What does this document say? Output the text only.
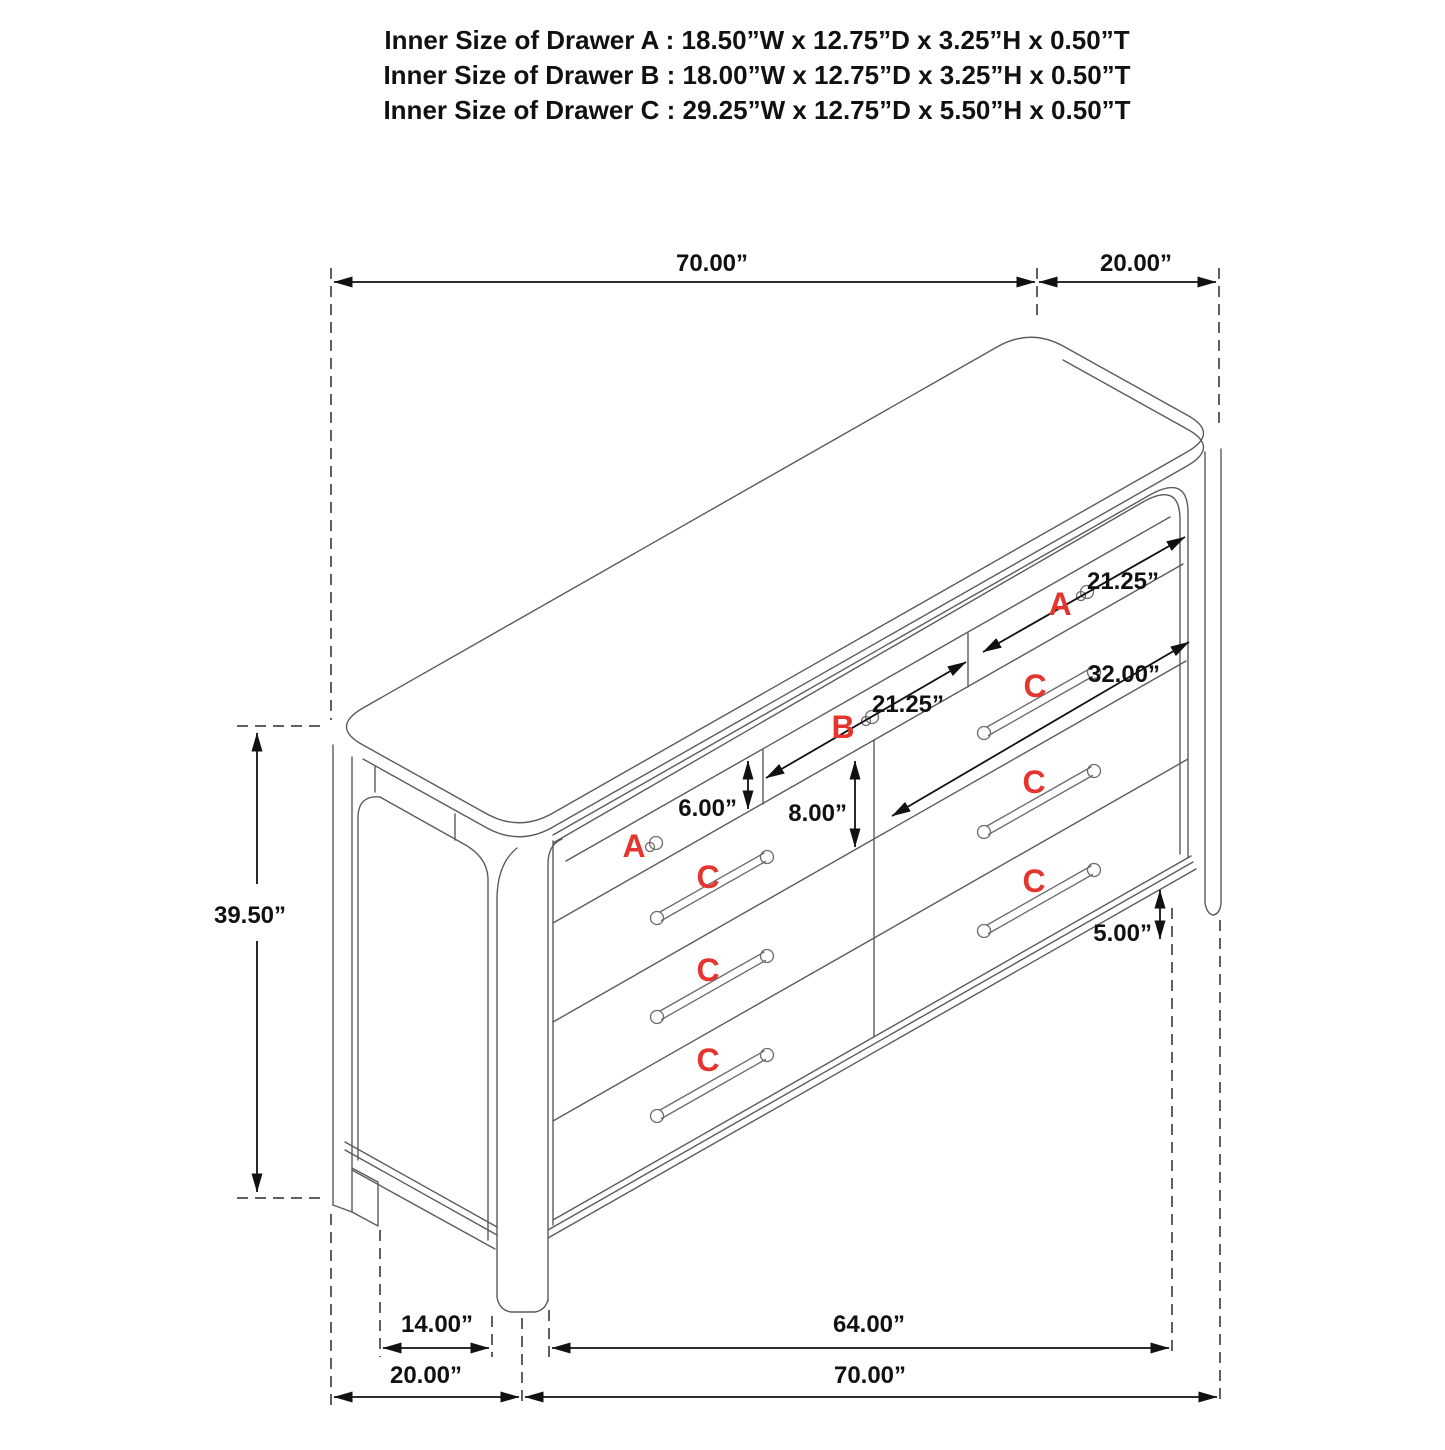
Inner Size of Drawer A : 18.50”W x 12.75”D x 3.25”H x 0.50”T
Inner Size of Drawer B : 18.00”W x 12.75”D x 3.25”H x 0.50”T
Inner Size of Drawer C : 29.25”W x 12.75”D x 5.50”H x 0.50”T
70.00”	20.00”
39.50”
14.00”	64.00”
20.00”	70.00”
6.00” 8.00”
5.00”
21.25”
21.25”
32.00”
A
B
A
C
C
C
C
C
C
